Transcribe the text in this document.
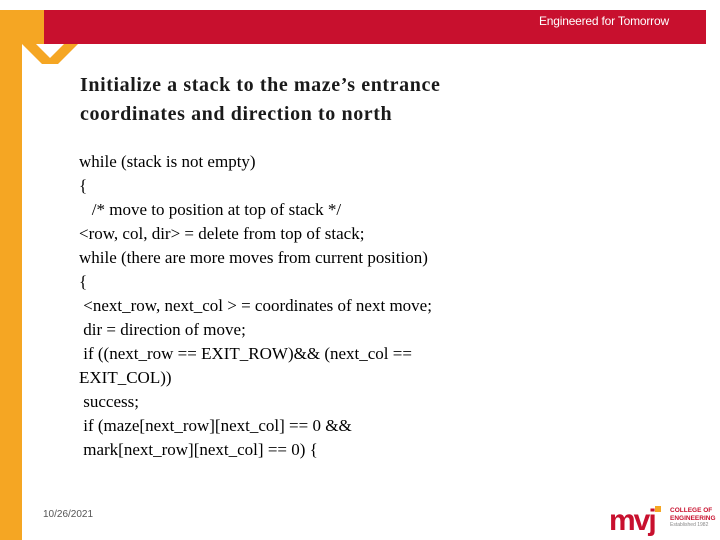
Engineered for Tomorrow
Initialize a stack to the maze’s entrance
coordinates and direction to north
while (stack is not empty)
{
/* move to position at top of stack */
<row, col, dir> = delete from top of stack;
while (there are more moves from current position)
{
<next_row, next_col > = coordinates of next move;
dir = direction of move;
if ((next_row == EXIT_ROW)&& (next_col ==
EXIT_COL))
success;
if (maze[next_row][next_col] == 0 &&
mark[next_row][next_col] == 0) {
10/26/2021	mvj COLLEGE OF
ENGINEERING
Established 1982
